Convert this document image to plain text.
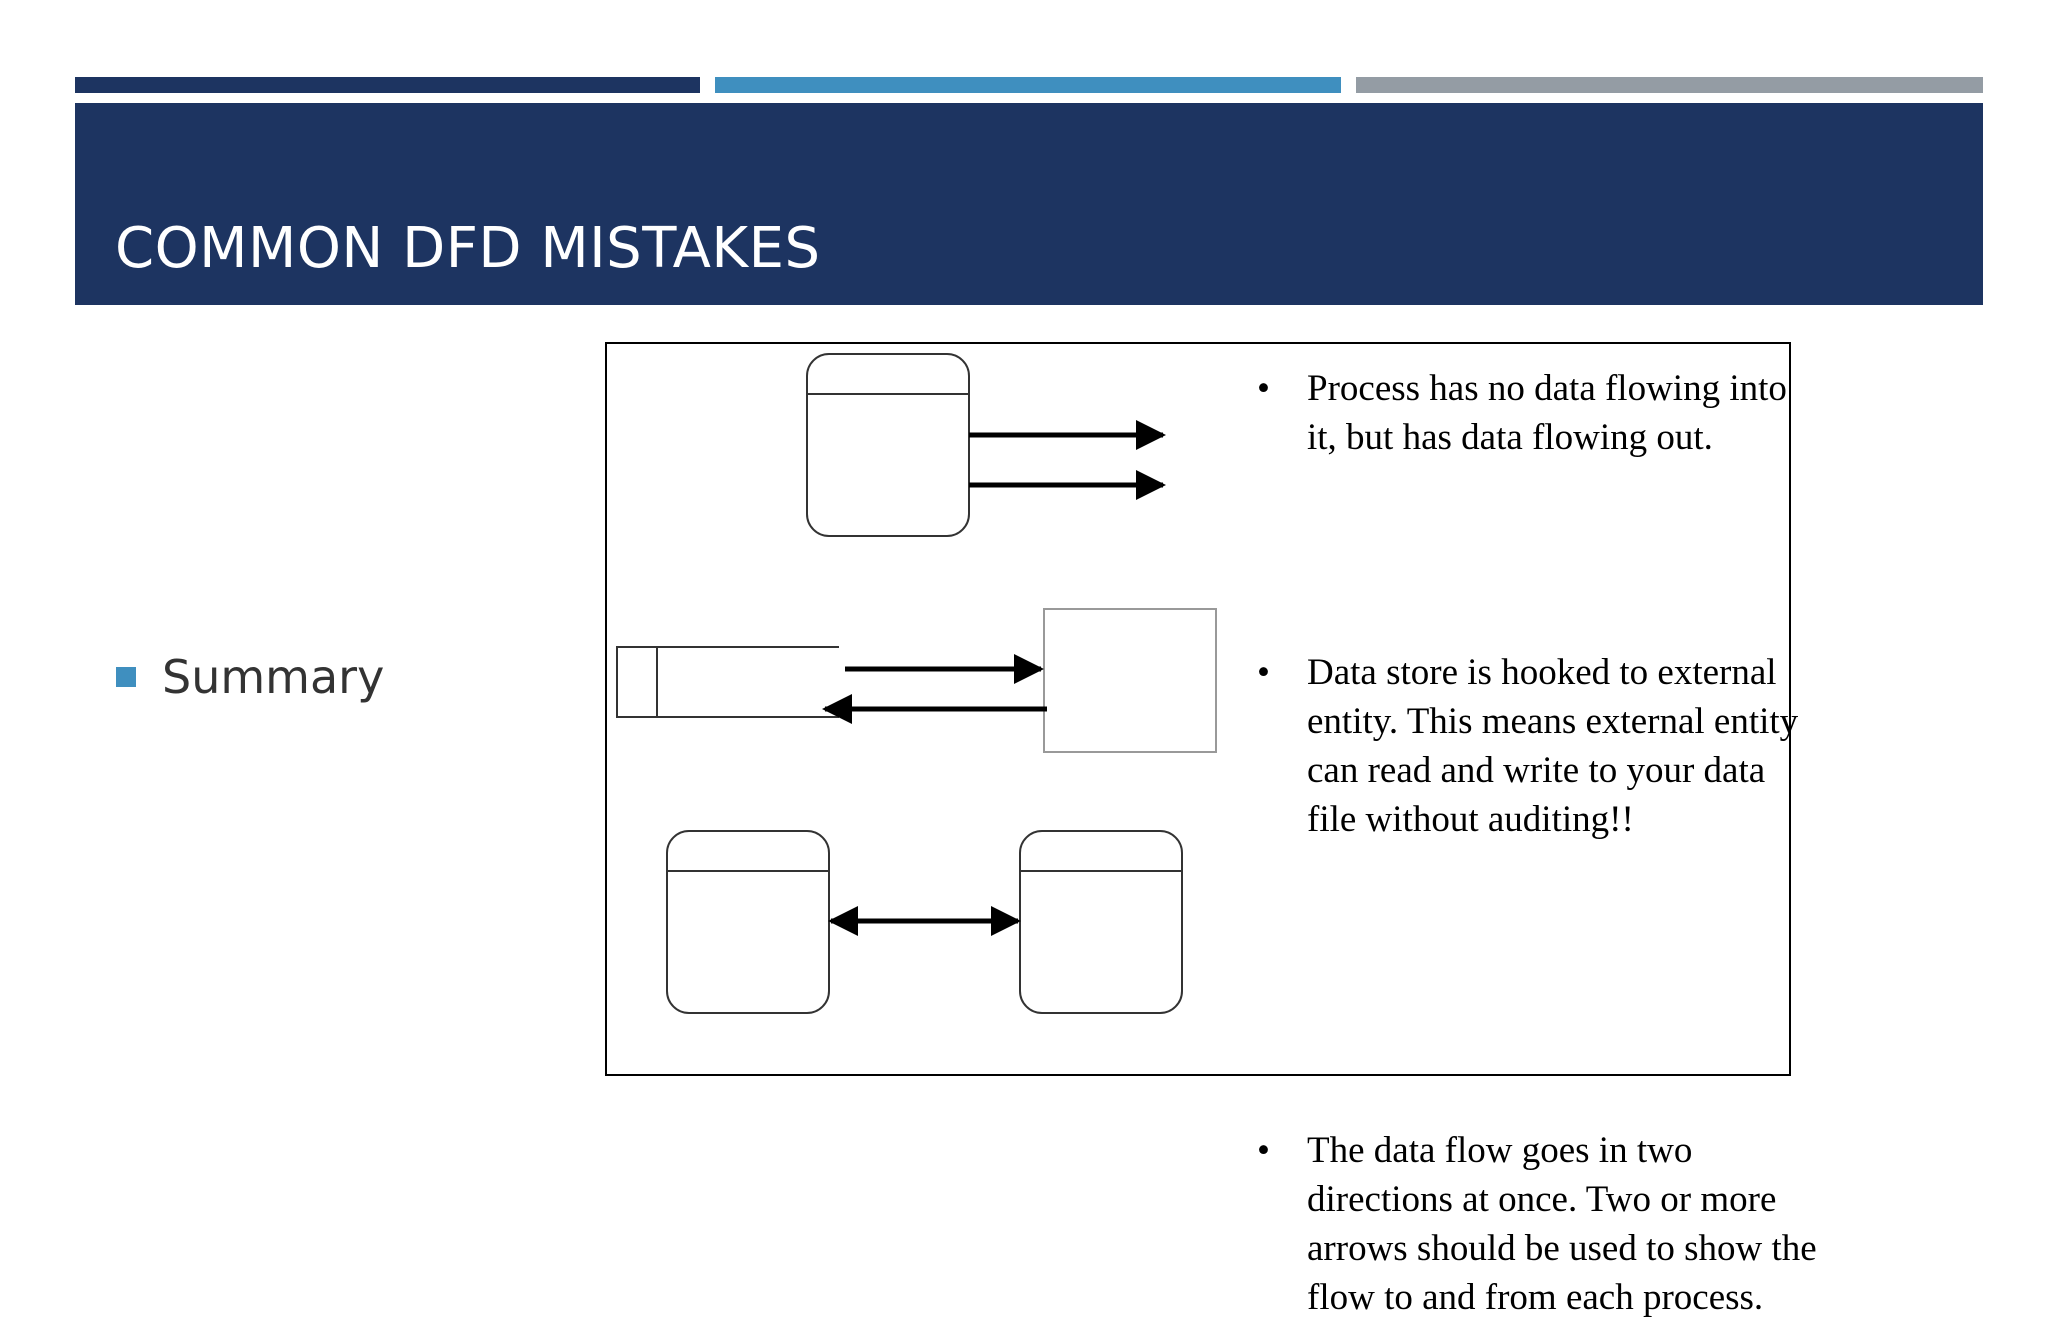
COMMON DFD MISTAKES
Summary
• Process has no data flowing into it, but has data flowing out.
• Data store is hooked to external entity. This means external entity can read and write to your data file without auditing!!
• The data flow goes in two directions at once. Two or more arrows should be used to show the flow to and from each process.
